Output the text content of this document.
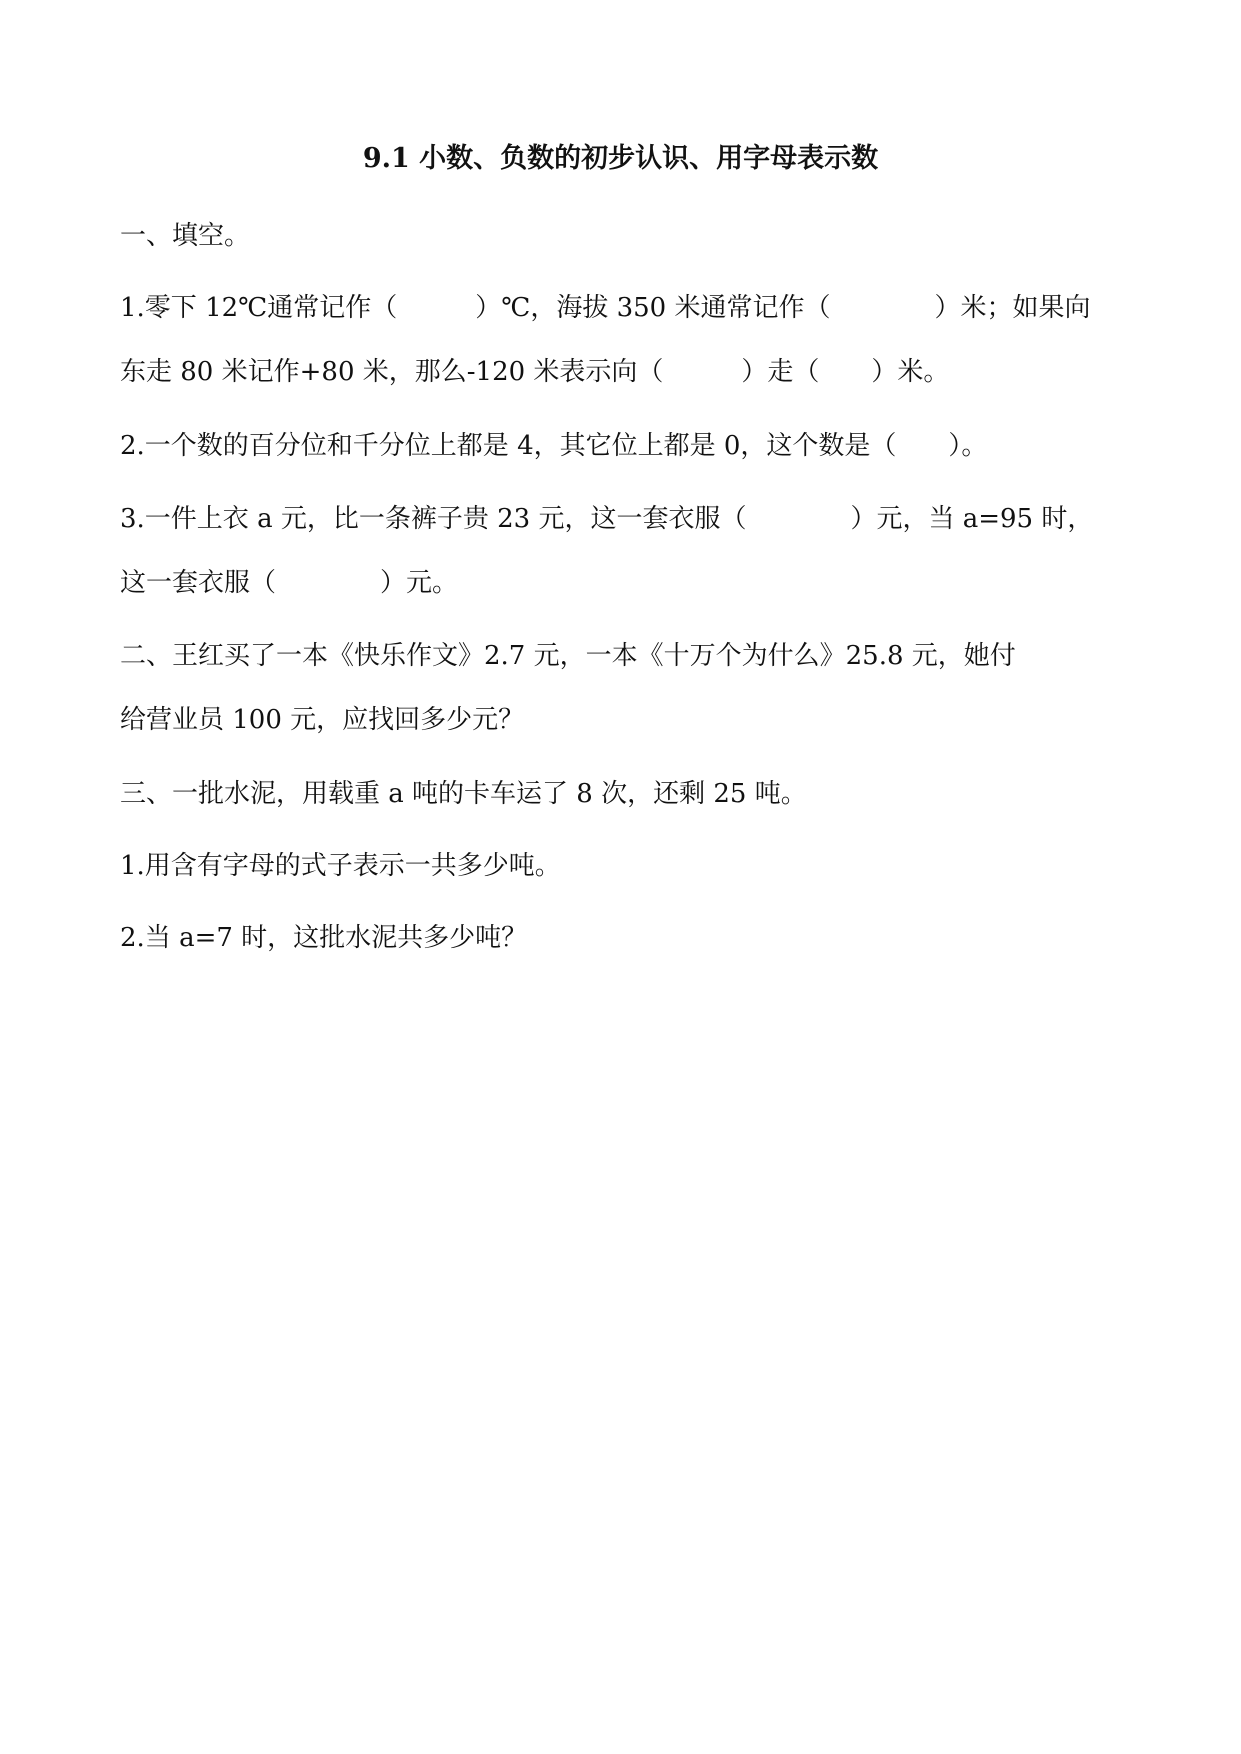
9.1 小数、负数的初步认识、用字母表示数
一、填空。
1.零下 12℃通常记作（　　　）℃，海拔 350 米通常记作（　　　　）米；如果向
东走 80 米记作+80 米，那么-120 米表示向（　　　）走（　　）米。
2.一个数的百分位和千分位上都是 4，其它位上都是 0，这个数是（　　）。
3.一件上衣 a 元，比一条裤子贵 23 元，这一套衣服（　　　　）元，当 a=95 时，
这一套衣服（　　　　）元。
二、王红买了一本《快乐作文》2.7 元，一本《十万个为什么》25.8 元，她付
给营业员 100 元，应找回多少元？
三、一批水泥，用载重 a 吨的卡车运了 8 次，还剩 25 吨。
1.用含有字母的式子表示一共多少吨。
2.当 a=7 时，这批水泥共多少吨？
